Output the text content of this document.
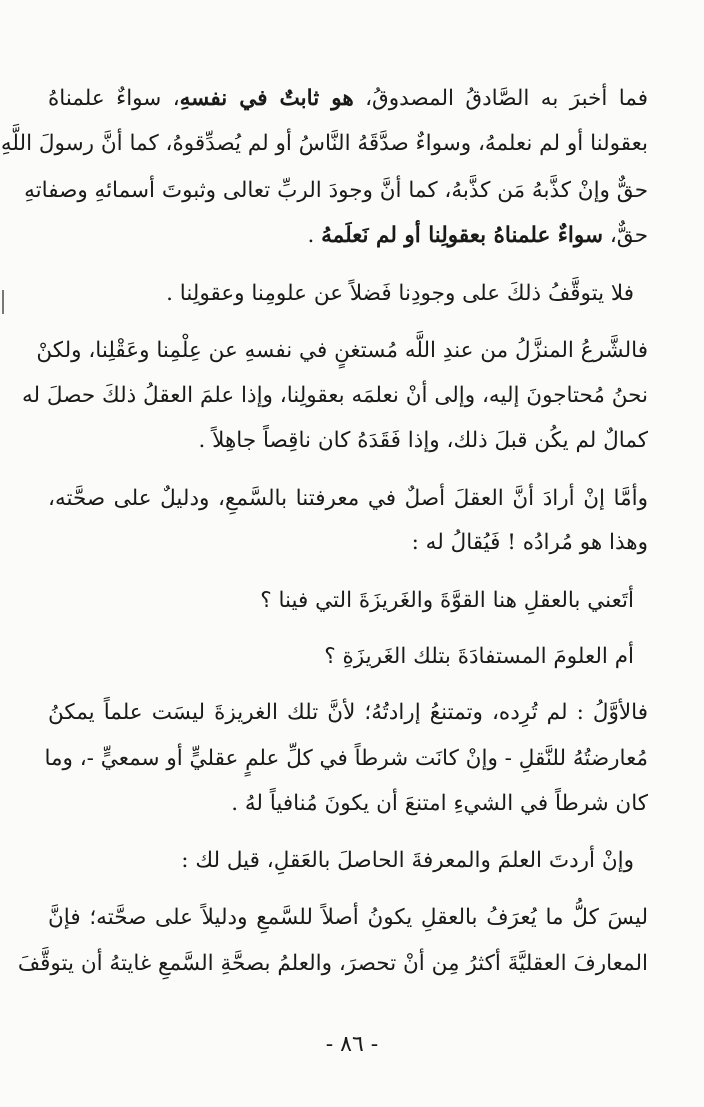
فما أخبرَ به الصَّادقُ المصدوقُ، هو ثابتٌ في نفسهِ، سواءٌ علمناهُ
بعقولنا أو لم نعلمهُ، وسواءٌ صدَّقَهُ النَّاسُ أو لم يُصدِّقوهُ، كما أنَّ رسولَ اللَّهِ
حقٌّ وإنْ كذَّبهُ مَن كذَّبهُ، كما أنَّ وجودَ الربِّ تعالى وثبوتَ أسمائهِ وصفاتهِ
حقٌّ، سواءٌ علمناهُ بعقولِنا أو لم نَعلَمهُ .
فلا يتوقَّفُ ذلكَ على وجودِنا فَضلاً عن علومِنا وعقولِنا .
فالشَّرعُ المنزَّلُ من عندِ اللَّه مُستغنٍ في نفسهِ عن عِلْمِنا وعَقْلِنا، ولكنْ
نحنُ مُحتاجونَ إليه، وإلى أنْ نعلمَه بعقولِنا، وإذا علمَ العقلُ ذلكَ حصلَ له
كمالٌ لم يكُن قبلَ ذلك، وإذا فَقَدَهُ كان ناقِصاً جاهِلاً .
وأمَّا إنْ أرادَ أنَّ العقلَ أصلٌ في معرفتنا بالسَّمعِ، ودليلٌ على صحَّته،
وهذا هو مُرادُه ! فَيُقالُ له :
أتَعني بالعقلِ هنا القوَّةَ والغَريزَةَ التي فينا ؟
أم العلومَ المستفادَةَ بتلك الغَريزَةِ ؟
فالأوَّلُ : لم تُرِده، وتمتنعُ إرادتُهُ؛ لأنَّ تلك الغريزةَ ليسَت علماً يمكنُ
مُعارضتُهُ للنَّقلِ - وإنْ كانَت شرطاً في كلِّ علمٍ عقليٍّ أو سمعيٍّ -، وما
كان شرطاً في الشيءِ امتنعَ أن يكونَ مُنافياً لهُ .
وإنْ أردتَ العلمَ والمعرفةَ الحاصلَ بالعَقلِ، قيل لك :
ليسَ كلُّ ما يُعرَفُ بالعقلِ يكونُ أصلاً للسَّمعِ ودليلاً على صحَّته؛ فإنَّ
المعارفَ العقليَّةَ أكثرُ مِن أنْ تحصرَ، والعلمُ بصحَّةِ السَّمعِ غايتهُ أن يتوقَّفَ
- ٨٦ -
